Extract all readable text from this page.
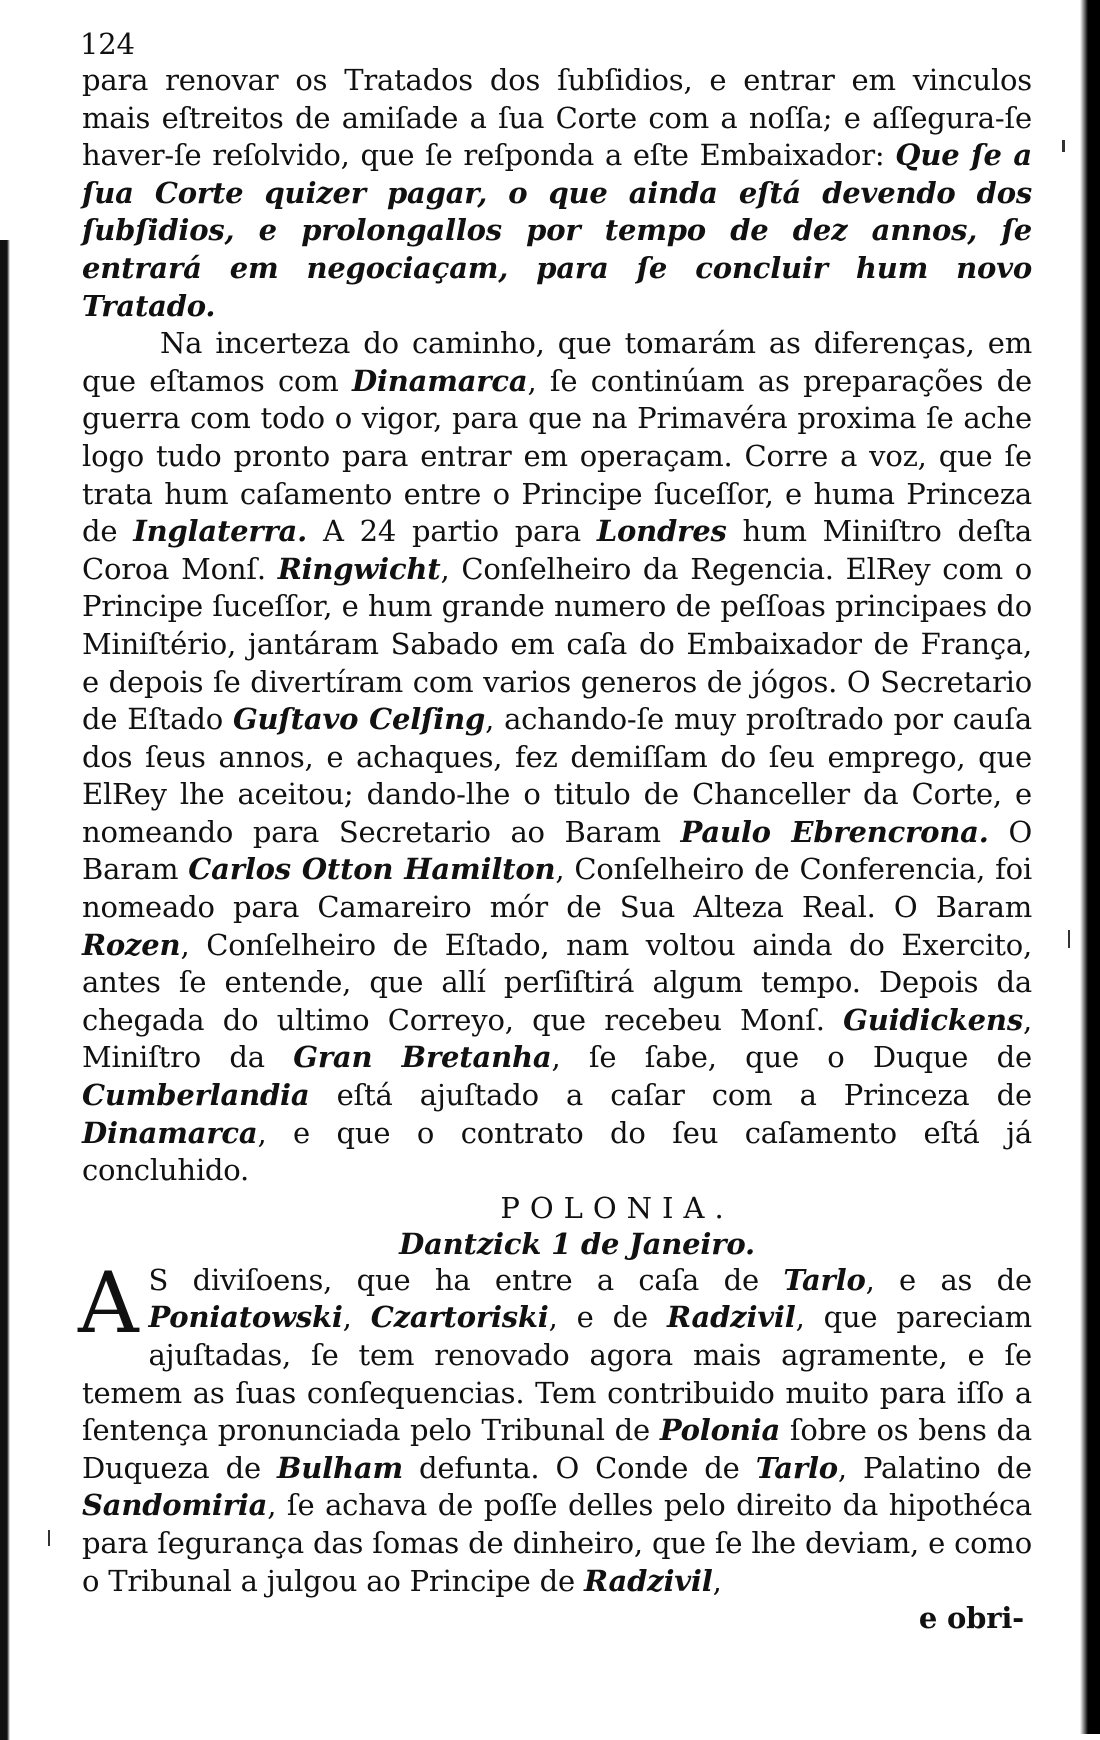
124

para renovar os Tratados dos ſubſidios, e entrar em vinculos mais eſtreitos de amiſade a ſua Corte com a noſſa; e aſſegura-ſe haver-ſe reſolvido, que ſe reſponda a eſte Embaixador: Que ſe a ſua Corte quizer pagar, o que ainda eſtá devendo dos ſubſidios, e prolongallos por tempo de dez annos, ſe entrará em negociaçam, para ſe concluir hum novo Tratado.

Na incerteza do caminho, que tomarám as diferenças, em que eſtamos com Dinamarca, ſe continúam as preparações de guerra com todo o vigor, para que na Primavéra proxima ſe ache logo tudo pronto para entrar em operaçam. Corre a voz, que ſe trata hum caſamento entre o Principe ſuceſſor, e huma Princeza de Inglaterra. A 24 partio para Londres hum Miniſtro deſta Coroa Monſ. Ringwicht, Conſelheiro da Regencia. ElRey com o Principe ſuceſſor, e hum grande numero de peſſoas principaes do Miniſtério, jantáram Sabado em caſa do Embaixador de França, e depois ſe divertíram com varios generos de jógos. O Secretario de Eſtado Guſtavo Celſing, achando-ſe muy proſtrado por cauſa dos ſeus annos, e achaques, fez demiſſam do ſeu emprego, que ElRey lhe aceitou; dando-lhe o titulo de Chanceller da Corte, e nomeando para Secretario ao Baram Paulo Ebrencrona. O Baram Carlos Otton Hamilton, Conſelheiro de Conferencia, foi nomeado para Camareiro mór de Sua Alteza Real. O Baram Rozen, Conſelheiro de Eſtado, nam voltou ainda do Exercito, antes ſe entende, que allí perſiſtirá algum tempo. Depois da chegada do ultimo Correyo, que recebeu Monſ. Guidickens, Miniſtro da Gran Bretanha, ſe ſabe, que o Duque de Cumberlandia eſtá ajuſtado a caſar com a Princeza de Dinamarca, e que o contrato do ſeu caſamento eſtá já concluhido.

POLONIA.
Dantzick 1 de Janeiro.

A S diviſoens, que ha entre a caſa de Tarlo, e as de Poniatowski, Czartoriski, e de Radzivil, que pareciam ajuſtadas, ſe tem renovado agora mais agramente, e ſe temem as ſuas conſequencias. Tem contribuido muito para iſſo a ſentença pronunciada pelo Tribunal de Polonia ſobre os bens da Duqueza de Bulham defunta. O Conde de Tarlo, Palatino de Sandomiria, ſe achava de poſſe delles pelo direito da hipothéca para ſegurança das ſomas de dinheiro, que ſe lhe deviam, e como o Tribunal a julgou ao Principe de Radzivil,

e obri-
